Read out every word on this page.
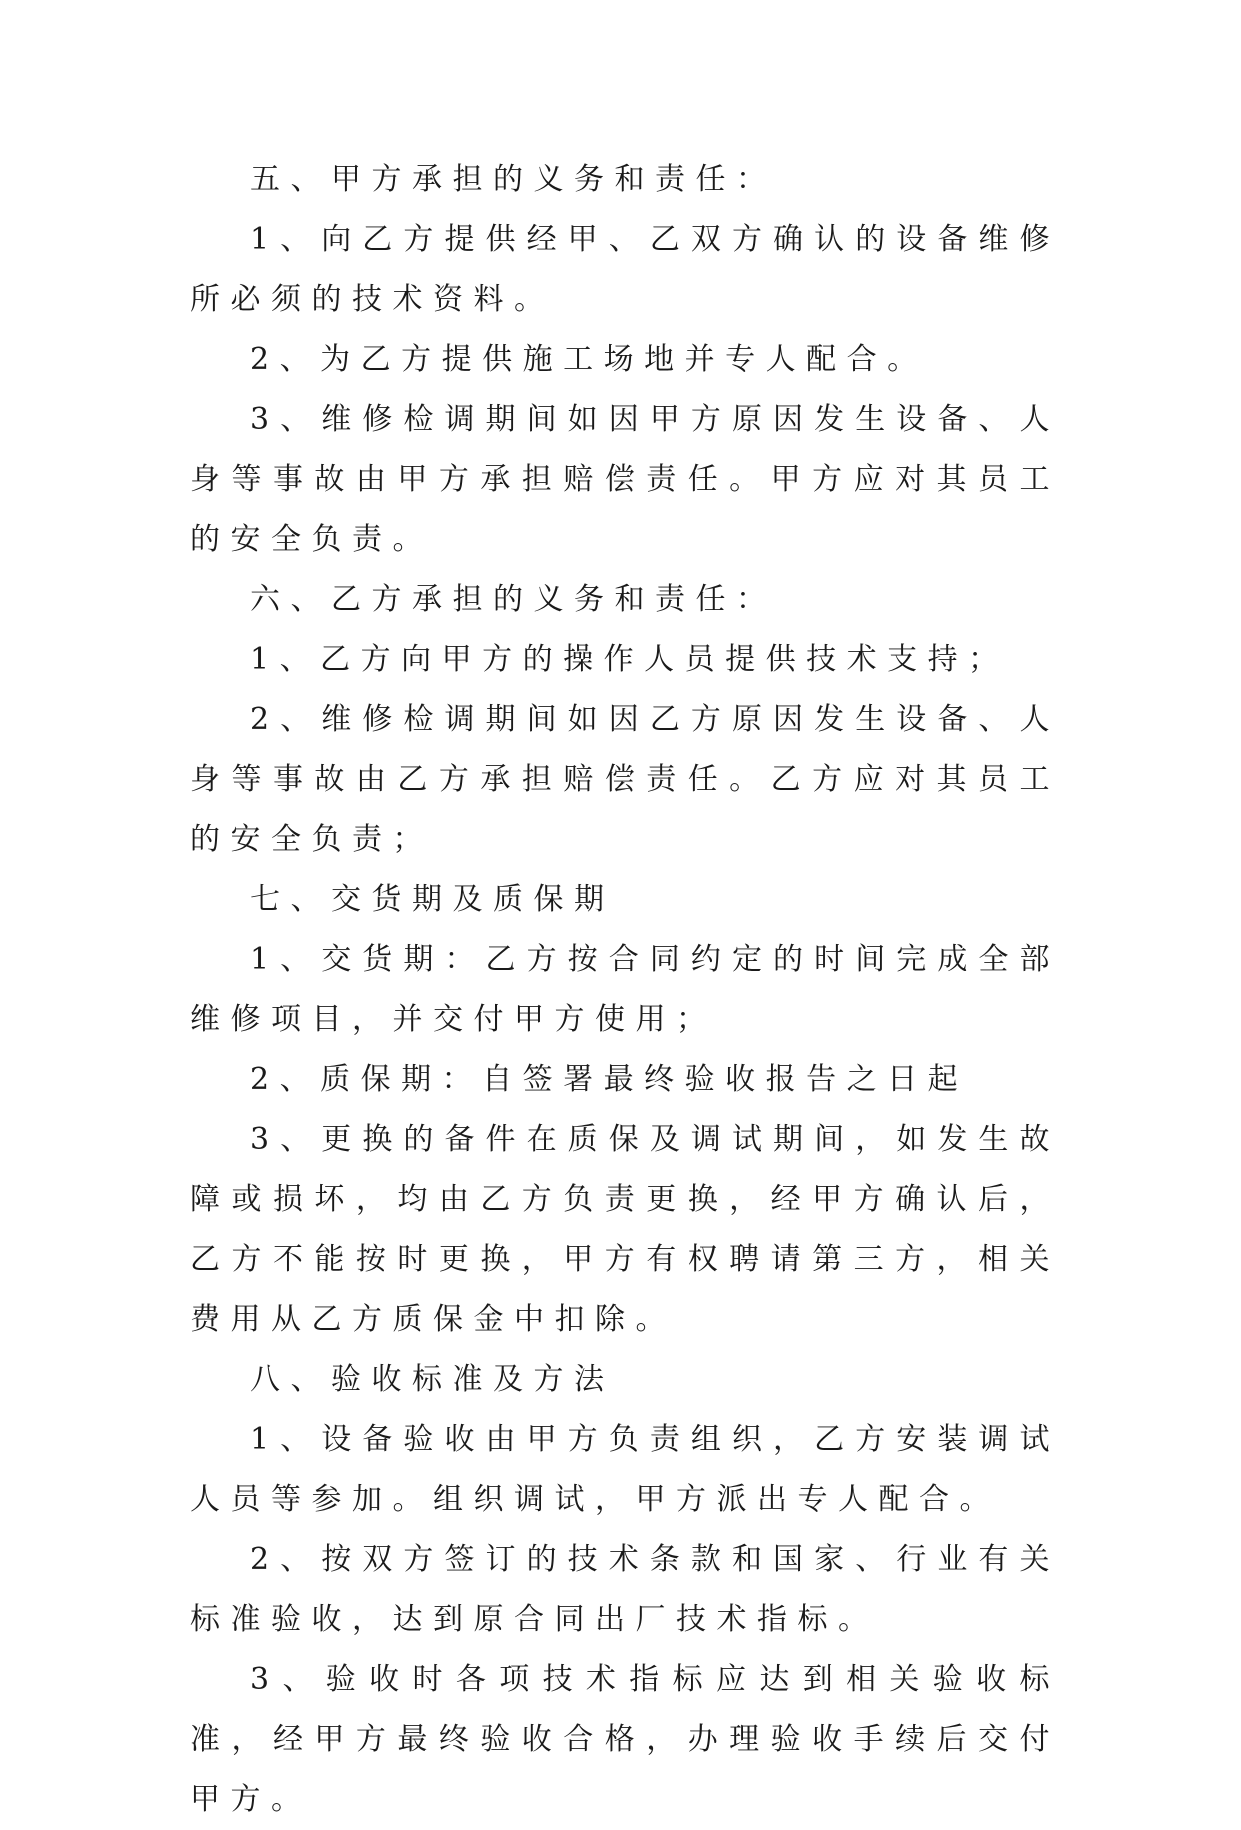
五、甲方承担的义务和责任：

1、向乙方提供经甲、乙双方确认的设备维修所必须的技术资料。

2、为乙方提供施工场地并专人配合。

3、维修检调期间如因甲方原因发生设备、人身等事故由甲方承担赔偿责任。甲方应对其员工的安全负责。

六、乙方承担的义务和责任：

1、乙方向甲方的操作人员提供技术支持；

2、维修检调期间如因乙方原因发生设备、人身等事故由乙方承担赔偿责任。乙方应对其员工的安全负责；

七、交货期及质保期

1、交货期：乙方按合同约定的时间完成全部维修项目，并交付甲方使用；

2、质保期：自签署最终验收报告之日起

3、更换的备件在质保及调试期间，如发生故障或损坏，均由乙方负责更换，经甲方确认后，乙方不能按时更换，甲方有权聘请第三方，相关费用从乙方质保金中扣除。

八、验收标准及方法

1、设备验收由甲方负责组织，乙方安装调试人员等参加。组织调试，甲方派出专人配合。

2、按双方签订的技术条款和国家、行业有关标准验收，达到原合同出厂技术指标。

3、验收时各项技术指标应达到相关验收标准，经甲方最终验收合格，办理验收手续后交付甲方。
